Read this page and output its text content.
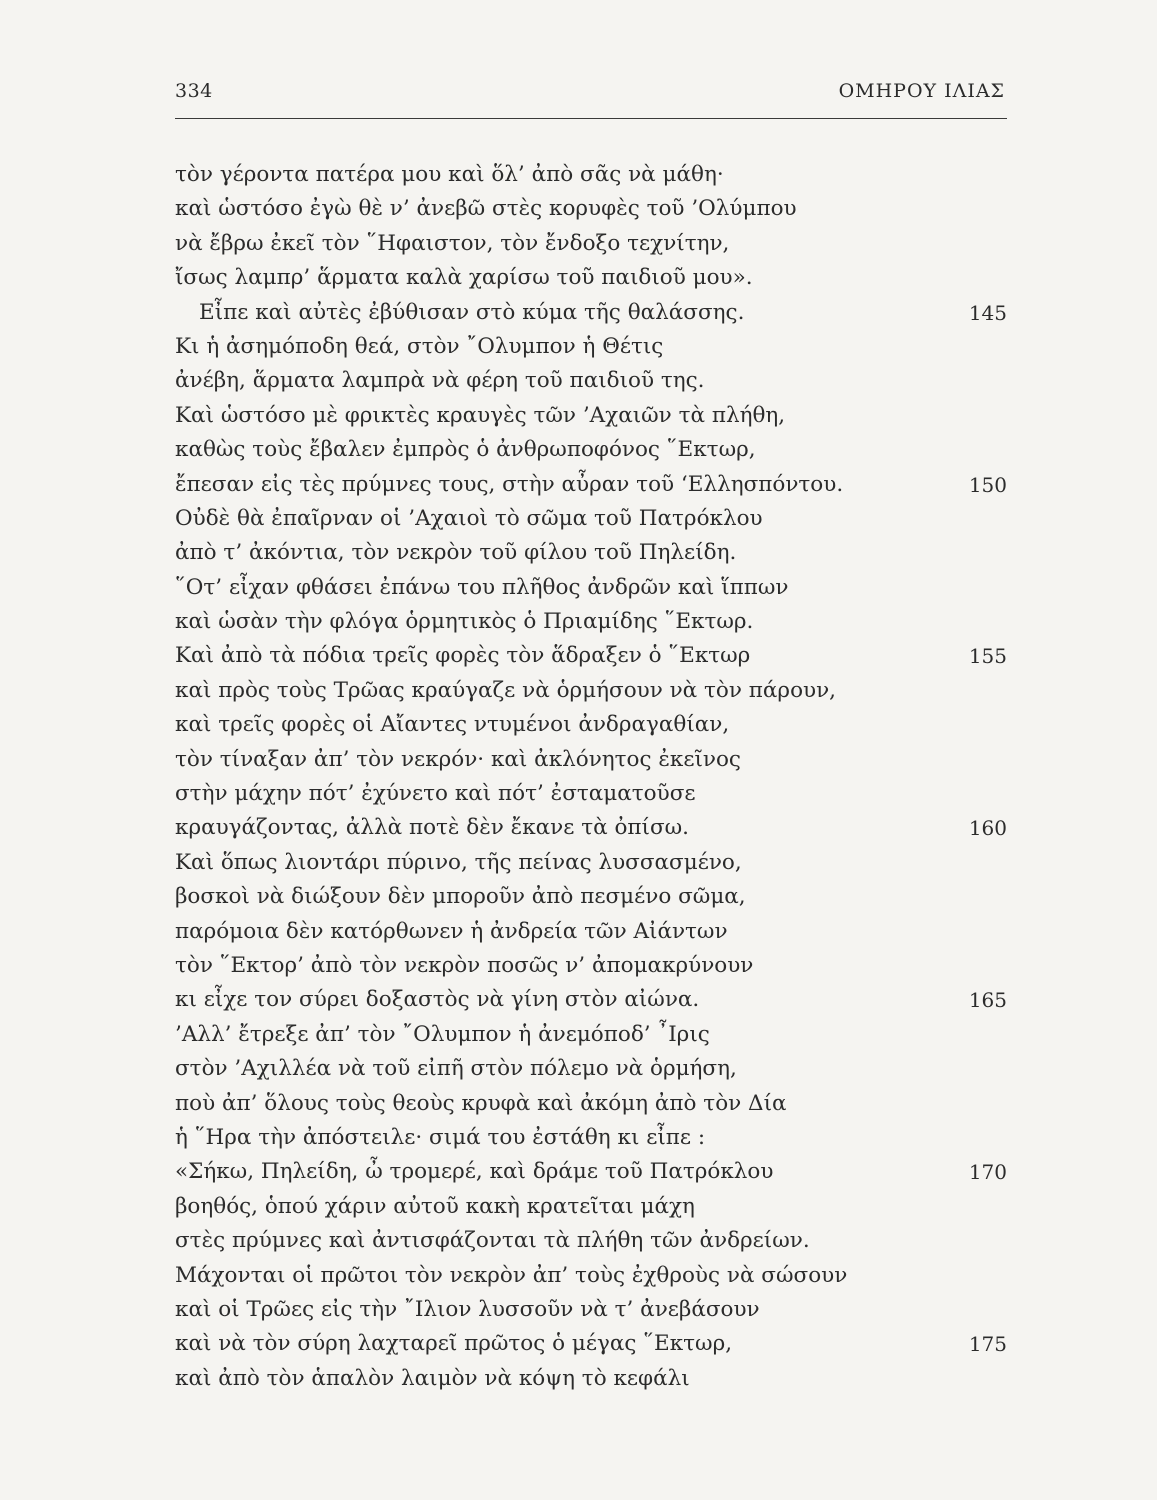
334	ΟΜΗΡΟΥ ΙΛΙΑΣ
τὸν γέροντα πατέρα μου καὶ ὅλ’ ἀπὸ σᾶς νὰ μάθη·
καὶ ὡστόσο ἐγὼ θὲ ν’ ἀνεβῶ στὲς κορυφὲς τοῦ ’Ολύμπου
νὰ ἔβρω ἐκεῖ τὸν ῞Ηφαιστον, τὸν ἔνδοξο τεχνίτην,
ἴσως λαμπρ’ ἅρματα καλὰ χαρίσω τοῦ παιδιοῦ μου».
Εἶπε καὶ αὐτὲς ἐβύθισαν στὸ κύμα τῆς θαλάσσης.	145
Κι ἡ ἀσημόποδη θεά, στὸν ῎Ολυμπον ἡ Θέτις
ἀνέβη, ἅρματα λαμπρὰ νὰ φέρη τοῦ παιδιοῦ της.
Καὶ ὡστόσο μὲ φρικτὲς κραυγὲς τῶν ’Αχαιῶν τὰ πλήθη,
καθὼς τοὺς ἔβαλεν ἐμπρὸς ὁ ἀνθρωποφόνος ῞Εκτωρ,
ἔπεσαν εἰς τὲς πρύμνες τους, στὴν αὖραν τοῦ ‘Ελλησπόντου.	150
Οὐδὲ θὰ ἐπαῖρναν οἱ ’Αχαιοὶ τὸ σῶμα τοῦ Πατρόκλου
ἀπὸ τ’ ἀκόντια, τὸν νεκρὸν τοῦ φίλου τοῦ Πηλείδη.
῞Οτ’ εἶχαν φθάσει ἐπάνω του πλῆθος ἀνδρῶν καὶ ἵππων
καὶ ὡσὰν τὴν φλόγα ὁρμητικὸς ὁ Πριαμίδης ῞Εκτωρ.
Καὶ ἀπὸ τὰ πόδια τρεῖς φορὲς τὸν ἅδραξεν ὁ ῞Εκτωρ	155
καὶ πρὸς τοὺς Τρῶας κραύγαζε νὰ ὁρμήσουν νὰ τὸν πάρουν,
καὶ τρεῖς φορὲς οἱ Αἴαντες ντυμένοι ἀνδραγαθίαν,
τὸν τίναξαν ἀπ’ τὸν νεκρόν· καὶ ἀκλόνητος ἐκεῖνος
στὴν μάχην πότ’ ἐχύνετο καὶ πότ’ ἐσταματοῦσε
κραυγάζοντας, ἀλλὰ ποτὲ δὲν ἔκανε τὰ ὀπίσω.	160
Καὶ ὅπως λιοντάρι πύρινο, τῆς πείνας λυσσασμένο,
βοσκοὶ νὰ διώξουν δὲν μποροῦν ἀπὸ πεσμένο σῶμα,
παρόμοια δὲν κατόρθωνεν ἡ ἀνδρεία τῶν Αἰάντων
τὸν ῞Εκτορ’ ἀπὸ τὸν νεκρὸν ποσῶς ν’ ἀπομακρύνουν
κι εἶχε τον σύρει δοξαστὸς νὰ γίνη στὸν αἰώνα.	165
’Αλλ’ ἔτρεξε ἀπ’ τὸν ῎Ολυμπον ἡ ἀνεμόποδ’ ῏Ιρις
στὸν ’Αχιλλέα νὰ τοῦ εἰπῆ στὸν πόλεμο νὰ ὁρμήση,
ποὺ ἀπ’ ὅλους τοὺς θεοὺς κρυφὰ καὶ ἀκόμη ἀπὸ τὸν Δία
ἡ ῞Ηρα τὴν ἀπόστειλε· σιμά του ἐστάθη κι εἶπε :
«Σήκω, Πηλείδη, ὦ τρομερέ, καὶ δράμε τοῦ Πατρόκλου	170
βοηθός, ὁπού χάριν αὐτοῦ κακὴ κρατεῖται μάχη
στὲς πρύμνες καὶ ἀντισφάζονται τὰ πλήθη τῶν ἀνδρείων.
Μάχονται οἱ πρῶτοι τὸν νεκρὸν ἀπ’ τοὺς ἐχθροὺς νὰ σώσουν
καὶ οἱ Τρῶες εἰς τὴν ῎Ιλιον λυσσοῦν νὰ τ’ ἀνεβάσουν
καὶ νὰ τὸν σύρη λαχταρεῖ πρῶτος ὁ μέγας ῞Εκτωρ,	175
καὶ ἀπὸ τὸν ἁπαλὸν λαιμὸν νὰ κόψη τὸ κεφάλι
